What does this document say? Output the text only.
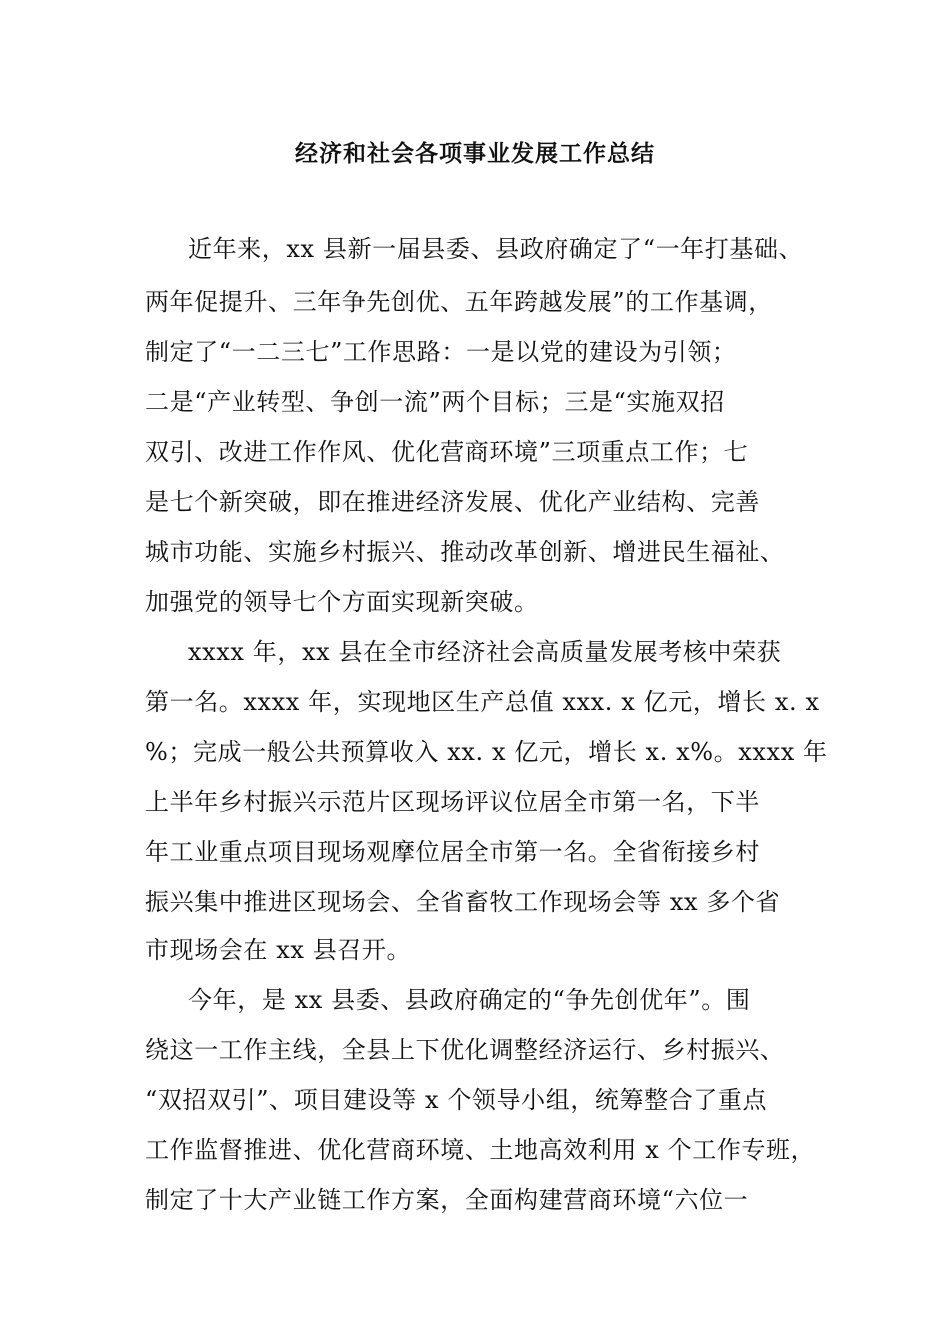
经济和社会各项事业发展工作总结
近年来，xx 县新一届县委、县政府确定了“一年打基础、
两年促提升、三年争先创优、五年跨越发展”的工作基调，
制定了“一二三七”工作思路：一是以党的建设为引领；
二是“产业转型、争创一流”两个目标；三是“实施双招
双引、改进工作作风、优化营商环境”三项重点工作；七
是七个新突破，即在推进经济发展、优化产业结构、完善
城市功能、实施乡村振兴、推动改革创新、增进民生福祉、
加强党的领导七个方面实现新突破。
xxxx 年，xx 县在全市经济社会高质量发展考核中荣获
第一名。xxxx 年，实现地区生产总值 xxx. x 亿元，增长 x. x
%；完成一般公共预算收入 xx. x 亿元，增长 x. x%。xxxx 年
上半年乡村振兴示范片区现场评议位居全市第一名，下半
年工业重点项目现场观摩位居全市第一名。全省衔接乡村
振兴集中推进区现场会、全省畜牧工作现场会等 xx 多个省
市现场会在 xx 县召开。
今年，是 xx 县委、县政府确定的“争先创优年”。围
绕这一工作主线，全县上下优化调整经济运行、乡村振兴、
“双招双引”、项目建设等 x 个领导小组，统筹整合了重点
工作监督推进、优化营商环境、土地高效利用 x 个工作专班，
制定了十大产业链工作方案，全面构建营商环境“六位一
